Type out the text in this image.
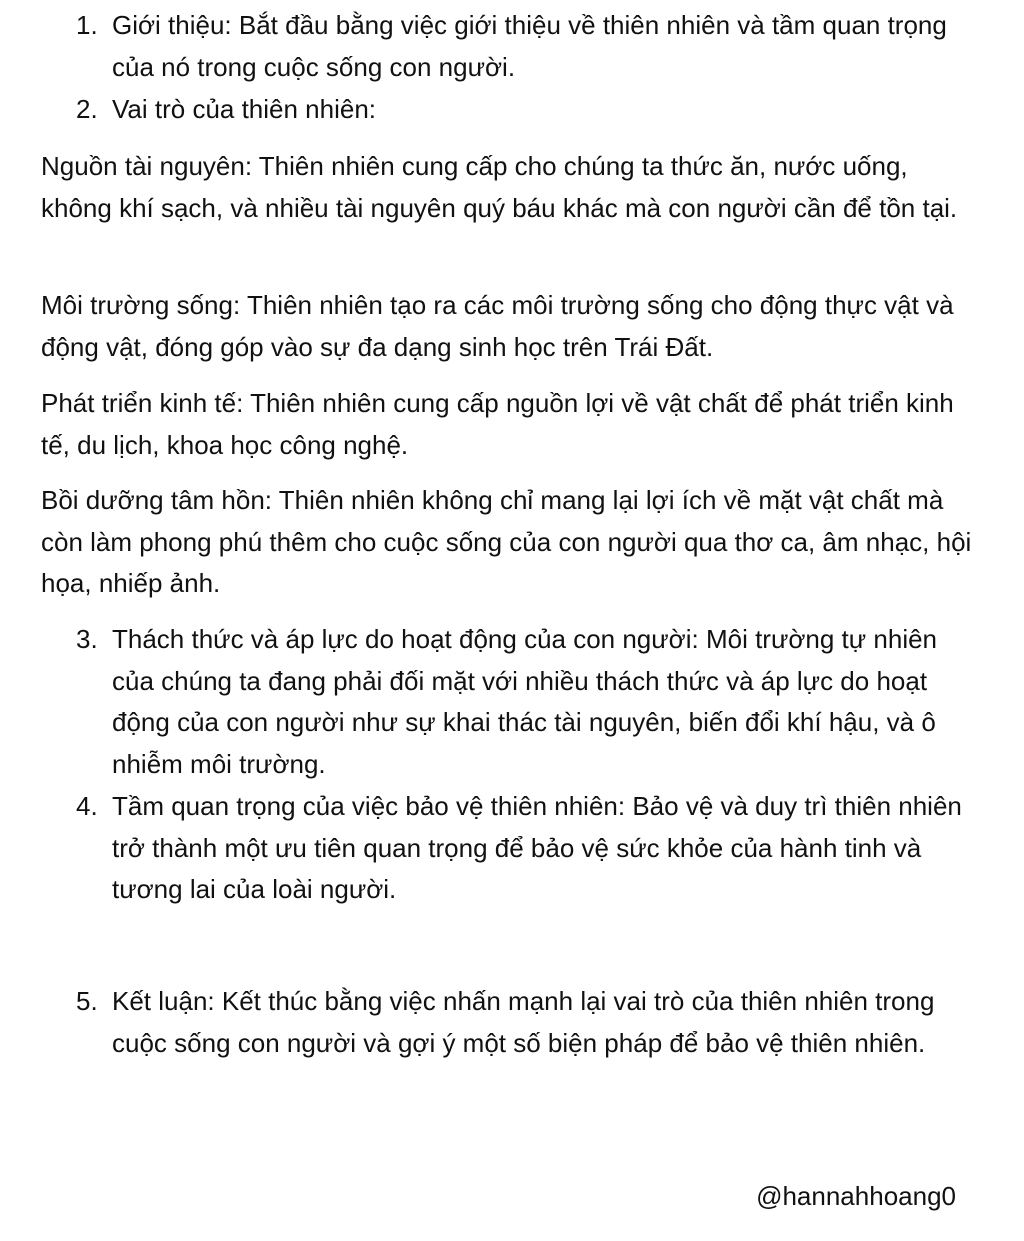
1. Giới thiệu: Bắt đầu bằng việc giới thiệu về thiên nhiên và tầm quan trọng của nó trong cuộc sống con người.
2. Vai trò của thiên nhiên:

Nguồn tài nguyên: Thiên nhiên cung cấp cho chúng ta thức ăn, nước uống, không khí sạch, và nhiều tài nguyên quý báu khác mà con người cần để tồn tại.

Môi trường sống: Thiên nhiên tạo ra các môi trường sống cho động thực vật và động vật, đóng góp vào sự đa dạng sinh học trên Trái Đất.

Phát triển kinh tế: Thiên nhiên cung cấp nguồn lợi về vật chất để phát triển kinh tế, du lịch, khoa học công nghệ.

Bồi dưỡng tâm hồn: Thiên nhiên không chỉ mang lại lợi ích về mặt vật chất mà còn làm phong phú thêm cho cuộc sống của con người qua thơ ca, âm nhạc, hội họa, nhiếp ảnh.

3. Thách thức và áp lực do hoạt động của con người: Môi trường tự nhiên của chúng ta đang phải đối mặt với nhiều thách thức và áp lực do hoạt động của con người như sự khai thác tài nguyên, biến đổi khí hậu, và ô nhiễm môi trường.
4. Tầm quan trọng của việc bảo vệ thiên nhiên: Bảo vệ và duy trì thiên nhiên trở thành một ưu tiên quan trọng để bảo vệ sức khỏe của hành tinh và tương lai của loài người.
5. Kết luận: Kết thúc bằng việc nhấn mạnh lại vai trò của thiên nhiên trong cuộc sống con người và gợi ý một số biện pháp để bảo vệ thiên nhiên.
@hannahhoang0
